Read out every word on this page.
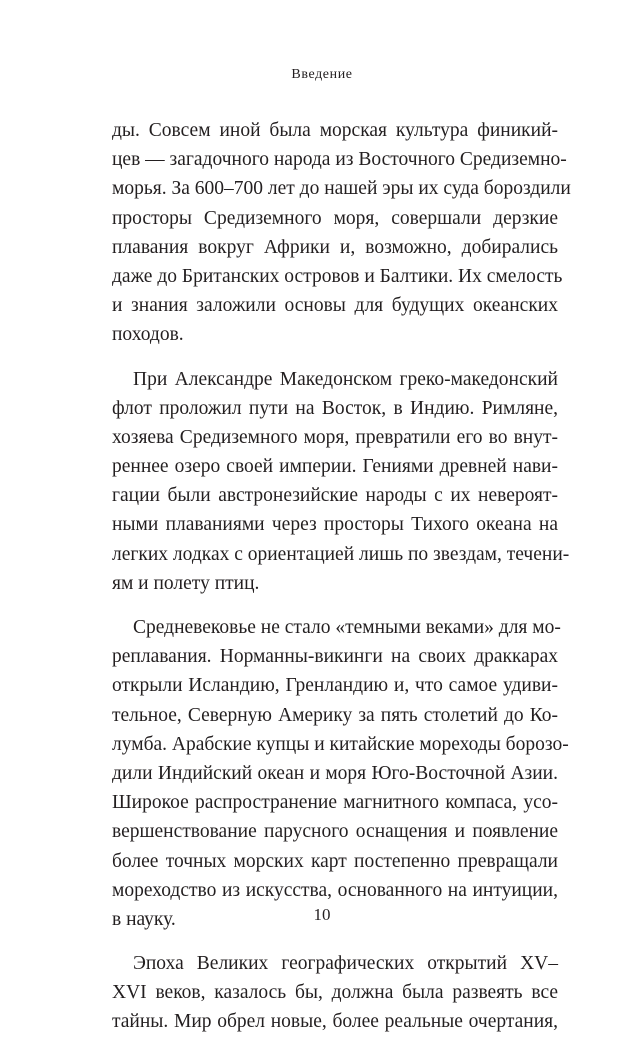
Введение
ды. Совсем иной была морская культура финикий-
цев — загадочного народа из Восточного Средиземно-
морья. За 600–700 лет до нашей эры их суда бороздили
просторы Средиземного моря, совершали дерзкие
плавания вокруг Африки и, возможно, добирались
даже до Британских островов и Балтики. Их смелость
и знания заложили основы для будущих океанских
походов.
При Александре Македонском греко-македонский
флот проложил пути на Восток, в Индию. Римляне,
хозяева Средиземного моря, превратили его во внут-
реннее озеро своей империи. Гениями древней нави-
гации были австронезийские народы с их невероят-
ными плаваниями через просторы Тихого океана на
легких лодках с ориентацией лишь по звездам, течени-
ям и полету птиц.
Средневековье не стало «темными веками» для мо-
реплавания. Норманны-викинги на своих драккарах
открыли Исландию, Гренландию и, что самое удиви-
тельное, Северную Америку за пять столетий до Ко-
лумба. Арабские купцы и китайские мореходы борозо-
дили Индийский океан и моря Юго-Восточной Азии.
Широкое распространение магнитного компаса, усо-
вершенствование парусного оснащения и появление
более точных морских карт постепенно превращали
мореходство из искусства, основанного на интуиции,
в науку.
Эпоха Великих географических открытий XV–
XVI веков, казалось бы, должна была развеять все
тайны. Мир обрел новые, более реальные очертания,
10
